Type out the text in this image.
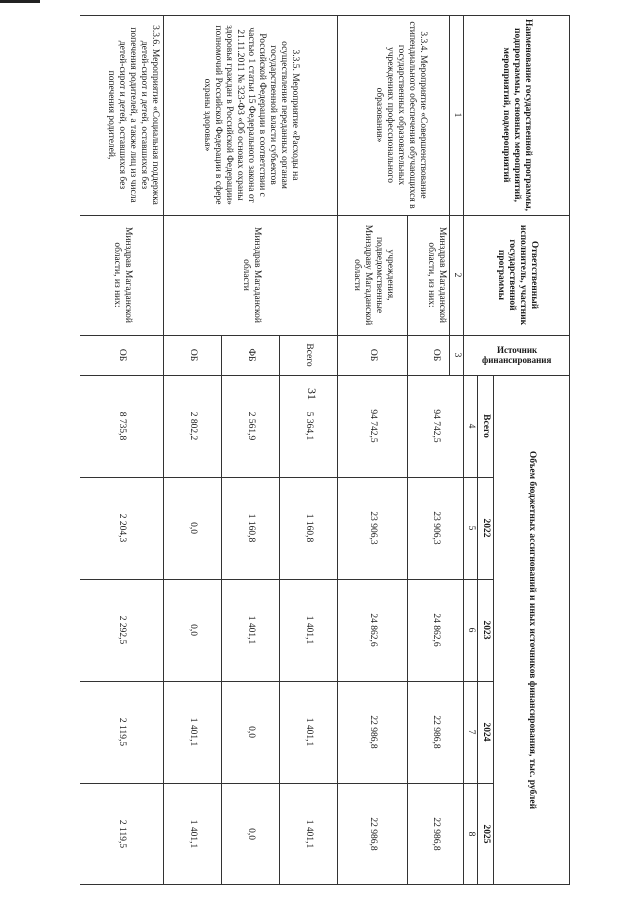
31
Наименование государственной программы, подпрограммы, основных мероприятий, мероприятий, подмероприятий
Ответственный исполнитель, участник государственной программы
Источник финансирования
Объем бюджетных ассигнований и иных источников финансирования, тыс. рублей
Всего
2022
2023
2024
2025
1
2
3
4
5
6
7
8
3.3.4. Мероприятие «Совершенствование стипендиального обеспечения обучающихся в государственных образовательных учреждениях профессионального образования»
Минздрав Магаданской области, из них:
ОБ
94 742,5
23 906,3
24 862,6
22 986,8
22 986,8
учреждения, подведомственные Минздраву Магаданской области
ОБ
94 742,5
23 906,3
24 862,6
22 986,8
22 986,8
3.3.5. Мероприятие «Расходы на осуществление переданных органам государственной власти субъектов Российской Федерации в соответствии с частью 1 статьи 15 Федерального закона от 21.11.2011 № 323-ФЗ «Об основах охраны здоровья граждан в Российской Федерации» полномочий Российской Федерации в сфере охраны здоровья»
Минздрав Магаданской области
Всего
5 364,1
1 160,8
1 401,1
1 401,1
1 401,1
ФБ
2 561,9
1 160,8
1 401,1
0,0
0,0
ОБ
2 802,2
0,0
0,0
1 401,1
1 401,1
3.3.6. Мероприятие «Социальная поддержка детей-сирот и детей, оставшихся без попечения родителей, а также лиц из числа детей-сирот и детей, оставшихся без попечения родителей,
Минздрав Магаданской области, из них:
ОБ
8 735,8
2 204,3
2 292,5
2 119,5
2 119,5
